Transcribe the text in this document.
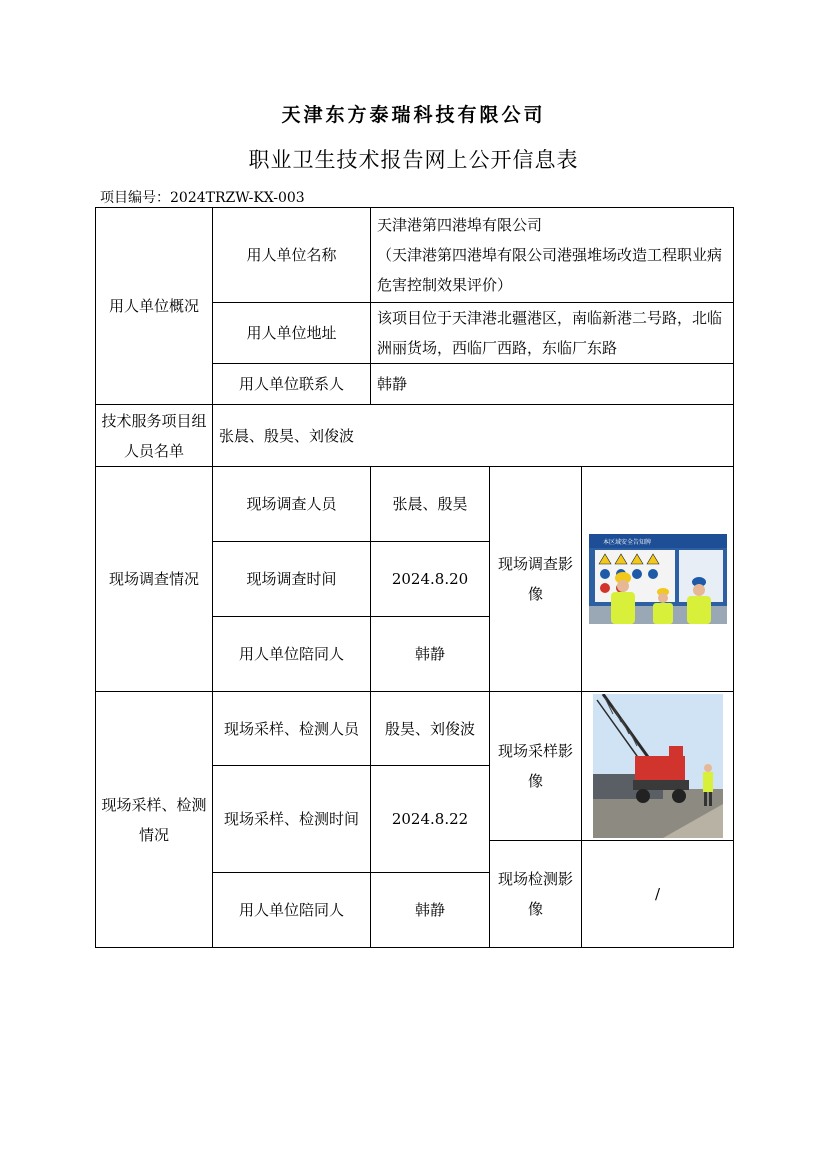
天津东方泰瑞科技有限公司
职业卫生技术报告网上公开信息表
项目编号：2024TRZW-KX-003
用人单位概况	用人单位名称	天津港第四港埠有限公司
（天津港第四港埠有限公司港强堆场改造工程职业病危害控制效果评价）		

	用人单位地址	该项目位于天津港北疆港区，南临新港二号路，北临洲丽货场，西临厂西路，东临厂东路		
	用人单位联系人	韩静		
技术服务项目组人员名单	张晨、殷昊、刘俊波			
现场调查情况	现场调查人员	张晨、殷昊	现场调查影像	本区域安全告知牌

	现场调查时间	2024.8.20		
	用人单位陪同人	韩静		
现场采样、检测情况	现场采样、检测人员	殷昊、刘俊波	现场采样影像	

	现场采样、检测时间	2024.8.22		
			现场检测影像	/
	用人单位陪同人	韩静		
